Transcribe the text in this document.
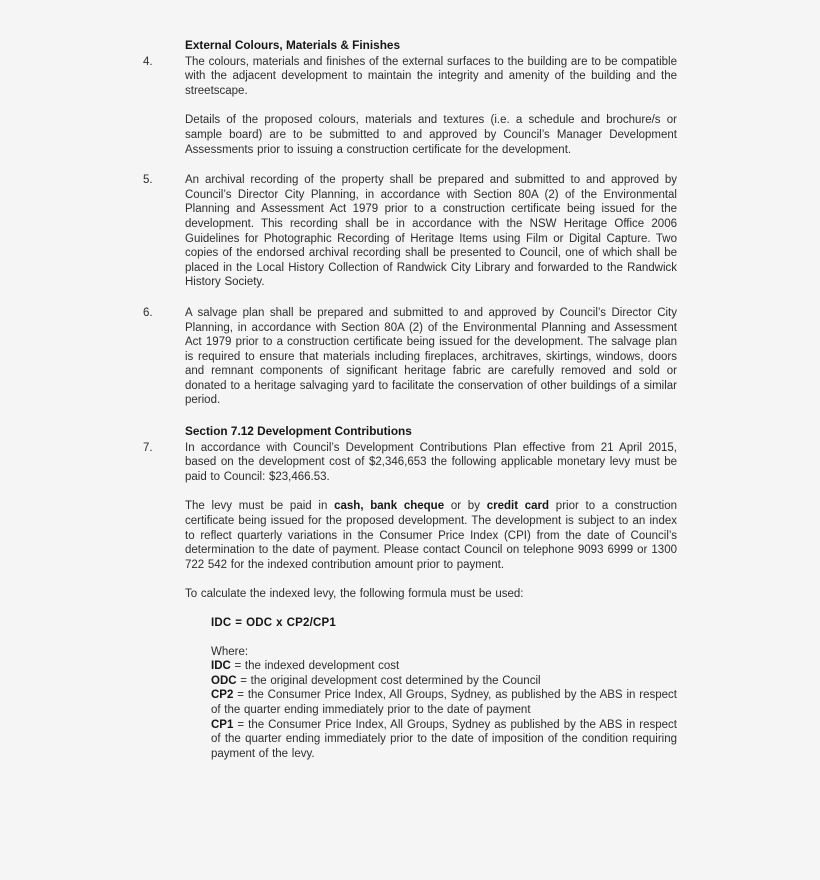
External Colours, Materials & Finishes
4.	The colours, materials and finishes of the external surfaces to the building are to be compatible with the adjacent development to maintain the integrity and amenity of the building and the streetscape.

Details of the proposed colours, materials and textures (i.e. a schedule and brochure/s or sample board) are to be submitted to and approved by Council’s Manager Development Assessments prior to issuing a construction certificate for the development.

5.	An archival recording of the property shall be prepared and submitted to and approved by Council’s Director City Planning, in accordance with Section 80A (2) of the Environmental Planning and Assessment Act 1979 prior to a construction certificate being issued for the development. This recording shall be in accordance with the NSW Heritage Office 2006 Guidelines for Photographic Recording of Heritage Items using Film or Digital Capture. Two copies of the endorsed archival recording shall be presented to Council, one of which shall be placed in the Local History Collection of Randwick City Library and forwarded to the Randwick History Society.

6.	A salvage plan shall be prepared and submitted to and approved by Council’s Director City Planning, in accordance with Section 80A (2) of the Environmental Planning and Assessment Act 1979 prior to a construction certificate being issued for the development. The salvage plan is required to ensure that materials including fireplaces, architraves, skirtings, windows, doors and remnant components of significant heritage fabric are carefully removed and sold or donated to a heritage salvaging yard to facilitate the conservation of other buildings of a similar period.

Section 7.12 Development Contributions
7.	In accordance with Council’s Development Contributions Plan effective from 21 April 2015, based on the development cost of $2,346,653 the following applicable monetary levy must be paid to Council: $23,466.53.

The levy must be paid in cash, bank cheque or by credit card prior to a construction certificate being issued for the proposed development. The development is subject to an index to reflect quarterly variations in the Consumer Price Index (CPI) from the date of Council’s determination to the date of payment. Please contact Council on telephone 9093 6999 or 1300 722 542 for the indexed contribution amount prior to payment.

To calculate the indexed levy, the following formula must be used:

IDC = ODC x CP2/CP1

Where:

IDC = the indexed development cost

ODC = the original development cost determined by the Council

CP2 = the Consumer Price Index, All Groups, Sydney, as published by the ABS in respect of the quarter ending immediately prior to the date of payment

CP1 = the Consumer Price Index, All Groups, Sydney as published by the ABS in respect of the quarter ending immediately prior to the date of imposition of the condition requiring payment of the levy.
